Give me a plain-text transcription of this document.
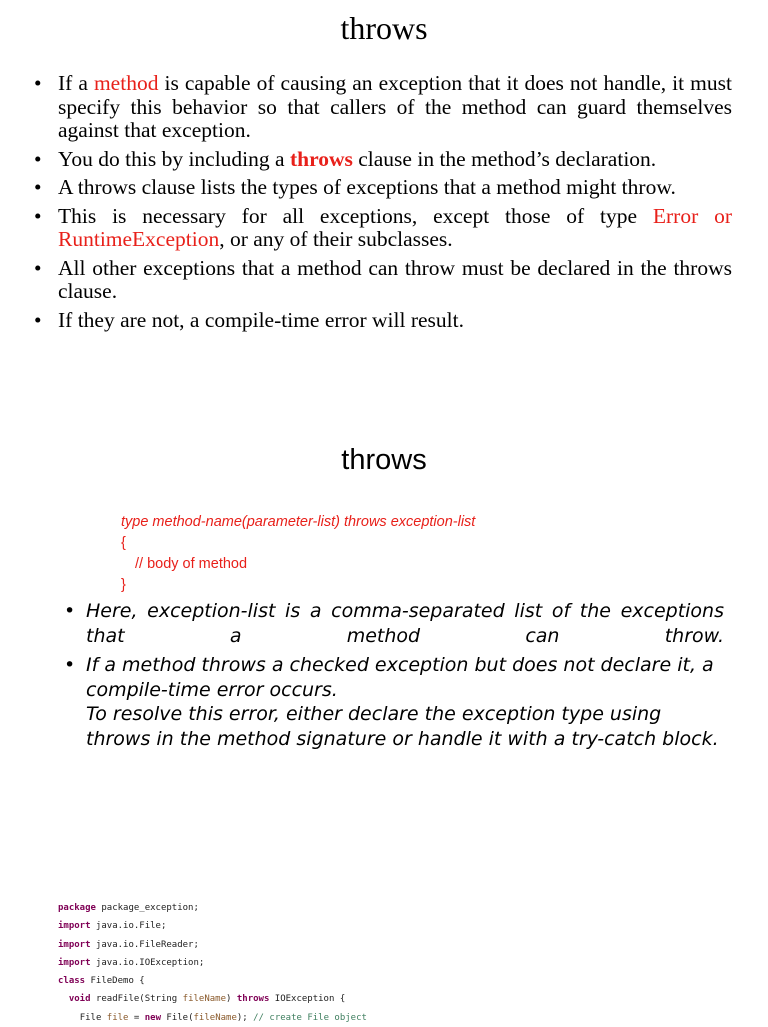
throws
• If a method is capable of causing an exception that it does not handle, it must specify this behavior so that callers of the method can guard themselves against that exception.
• You do this by including a throws clause in the method’s declaration.
• A throws clause lists the types of exceptions that a method might throw.
• This is necessary for all exceptions, except those of type Error or RuntimeException, or any of their subclasses.
• All other exceptions that a method can throw must be declared in the throws clause.
• If they are not, a compile-time error will result.
throws
type method-name(parameter-list) throws exception-list
{
// body of method
}
• Here, exception-list is a comma-separated list of the exceptions that a method can throw.
• If a method throws a checked exception but does not declare it, a compile-time error occurs.
To resolve this error, either declare the exception type using throws in the method signature or handle it with a try-catch block.
package package_exception;
import java.io.File;
import java.io.FileReader;
import java.io.IOException;
class FileDemo {
void readFile(String fileName) throws IOException {
File file = new File(fileName); // create File object
